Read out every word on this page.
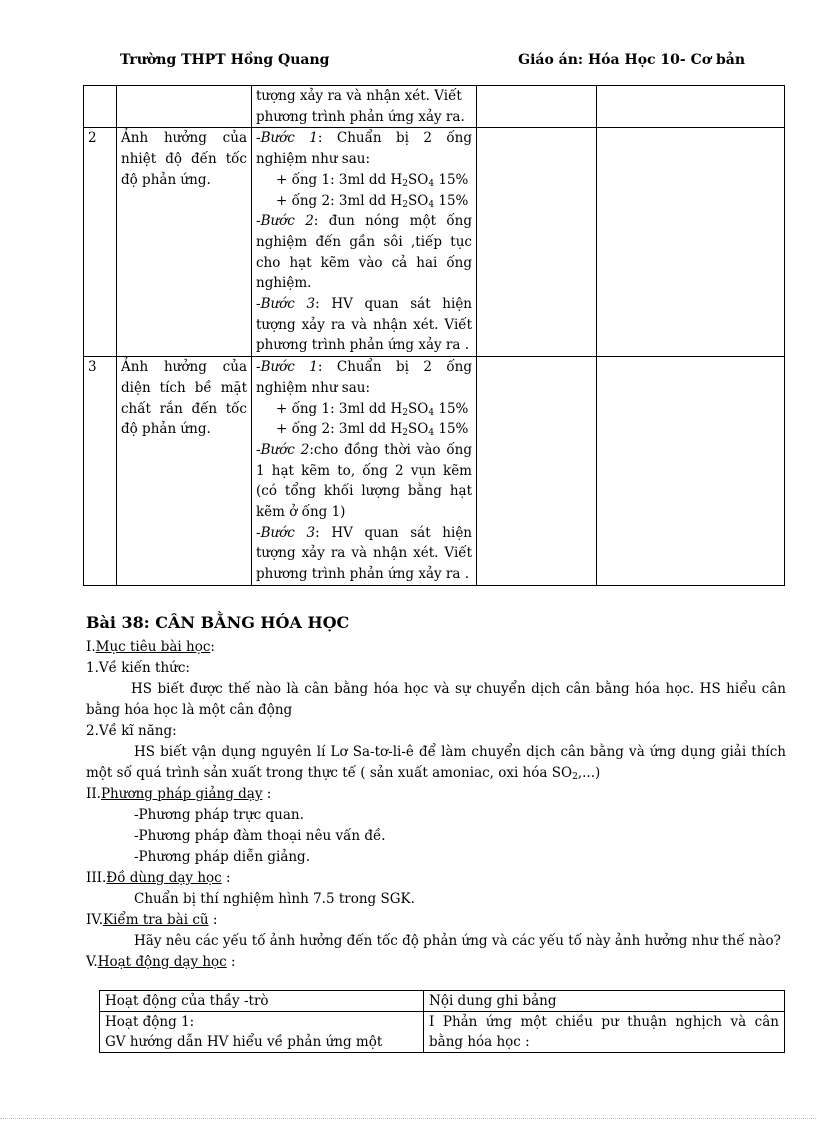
Trường THPT Hồng Quang	Giáo án: Hóa Học 10- Cơ bản

		tượng xảy ra và nhận xét. Viết
phương trình phản ứng xảy ra.		

2	Ảnh hưởng của nhiệt độ đến tốc độ phản ứng.	-Bước 1: Chuẩn bị 2 ống nghiệm như sau:
+ ống 1: 3ml dd $H_2SO_4$ 15%
+ ống 2: 3ml dd $H_2SO_4$ 15%
-Bước 2: đun nóng một ống nghiệm đến gần sôi ,tiếp tục cho hạt kẽm vào cả hai ống nghiệm.
-Bước 3: HV quan sát hiện tượng xảy ra và nhận xét. Viết phương trình phản ứng xảy ra .		

3	Ảnh hưởng của diện tích bề mặt chất rắn đến tốc độ phản ứng.	-Bước 1: Chuẩn bị 2 ống nghiệm như sau:
+ ống 1: 3ml dd $H_2SO_4$ 15%
+ ống 2: 3ml dd $H_2SO_4$ 15%
-Bước 2:cho đồng thời vào ống 1 hạt kẽm to, ống 2 vụn kẽm (có tổng khối lượng bằng hạt kẽm ở ống 1)
-Bước 3: HV quan sát hiện tượng xảy ra và nhận xét. Viết phương trình phản ứng xảy ra .		

Bài 38: CÂN BẰNG HÓA HỌC

I.Mục tiêu bài học:

1.Về kiến thức:

HS biết được thế nào là cân bằng hóa học và sự chuyển dịch cân bằng hóa học. HS hiểu cân bằng hóa học là một cân động

2.Về kĩ năng:

HS biết vận dụng nguyên lí Lơ Sa-tơ-li-ê để làm chuyển dịch cân bằng và ứng dụng giải thích một số quá trình sản xuất trong thực tế ( sản xuất amoniac, oxi hóa $SO_2$,...)

II.Phương pháp giảng dạy :

-Phương pháp trực quan.

-Phương pháp đàm thoại nêu vấn đề.

-Phương pháp diễn giảng.

III.Đồ dùng dạy học :

Chuẩn bị thí nghiệm hình 7.5 trong SGK.

IV.Kiểm tra bài cũ :

Hãy nêu các yếu tố ảnh hưởng đến tốc độ phản ứng và các yếu tố này ảnh hưởng như thế nào?

V.Hoạt động dạy học :

Hoạt động của thầy -trò	Nội dung ghi bảng

Hoạt động 1:
GV hướng dẫn HV hiểu về phản ứng một	I Phản ứng một chiều pư thuận nghịch và cân bằng hóa học :
